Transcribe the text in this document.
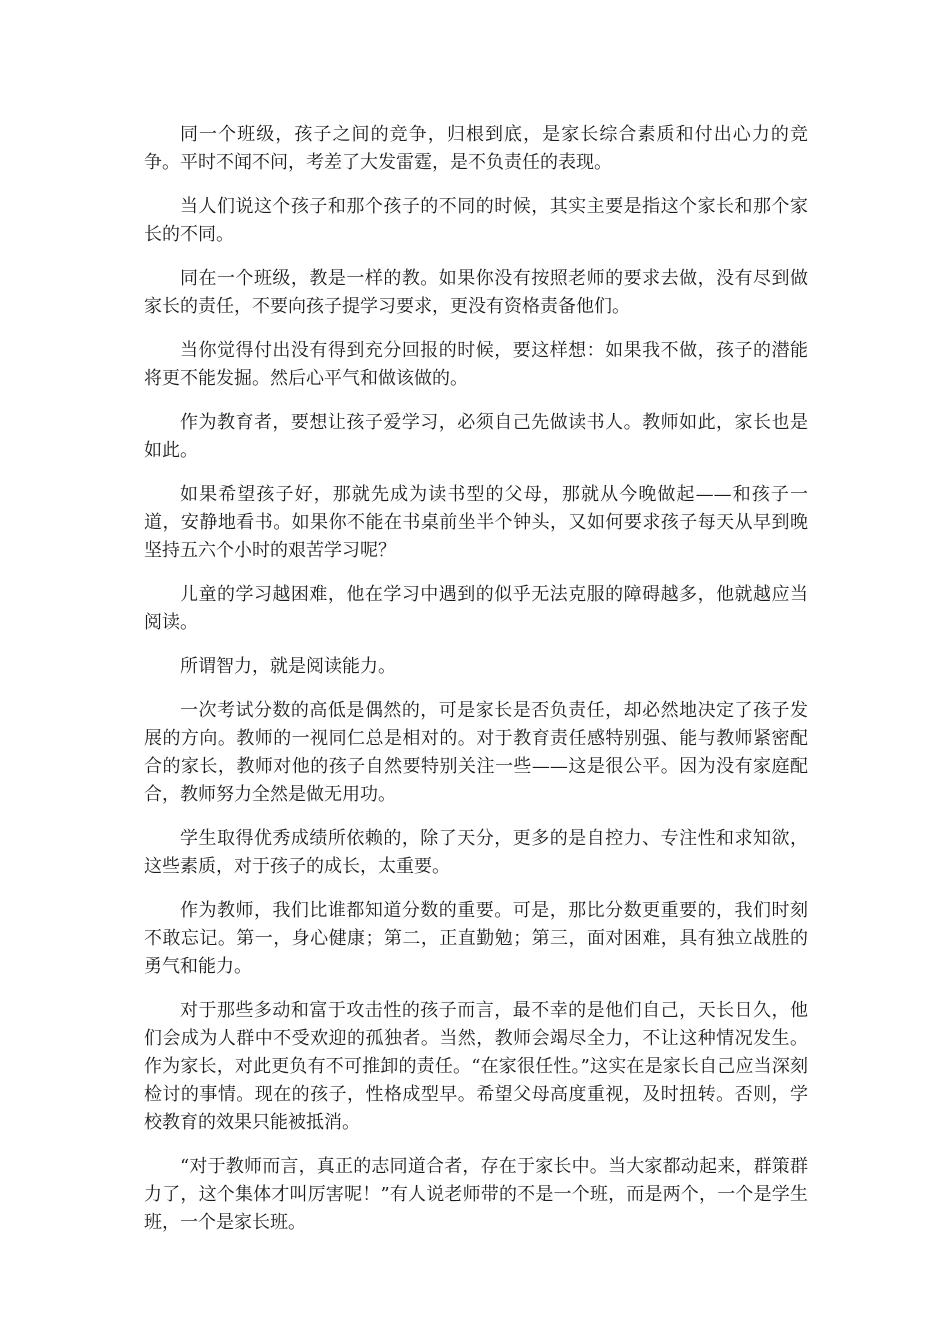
同一个班级，孩子之间的竞争，归根到底，是家长综合素质和付出心力的竞争。平时不闻不问，考差了大发雷霆，是不负责任的表现。

当人们说这个孩子和那个孩子的不同的时候，其实主要是指这个家长和那个家长的不同。

同在一个班级，教是一样的教。如果你没有按照老师的要求去做，没有尽到做家长的责任，不要向孩子提学习要求，更没有资格责备他们。

当你觉得付出没有得到充分回报的时候，要这样想：如果我不做，孩子的潜能将更不能发掘。然后心平气和做该做的。

作为教育者，要想让孩子爱学习，必须自己先做读书人。教师如此，家长也是如此。

如果希望孩子好，那就先成为读书型的父母，那就从今晚做起——和孩子一道，安静地看书。如果你不能在书桌前坐半个钟头，又如何要求孩子每天从早到晚坚持五六个小时的艰苦学习呢？

儿童的学习越困难，他在学习中遇到的似乎无法克服的障碍越多，他就越应当阅读。

所谓智力，就是阅读能力。

一次考试分数的高低是偶然的，可是家长是否负责任，却必然地决定了孩子发展的方向。教师的一视同仁总是相对的。对于教育责任感特别强、能与教师紧密配合的家长，教师对他的孩子自然要特别关注一些——这是很公平。因为没有家庭配合，教师努力全然是做无用功。

学生取得优秀成绩所依赖的，除了天分，更多的是自控力、专注性和求知欲，这些素质，对于孩子的成长，太重要。

作为教师，我们比谁都知道分数的重要。可是，那比分数更重要的，我们时刻不敢忘记。第一，身心健康；第二，正直勤勉；第三，面对困难，具有独立战胜的勇气和能力。

对于那些多动和富于攻击性的孩子而言，最不幸的是他们自己，天长日久，他们会成为人群中不受欢迎的孤独者。当然，教师会竭尽全力，不让这种情况发生。作为家长，对此更负有不可推卸的责任。“在家很任性。”这实在是家长自己应当深刻检讨的事情。现在的孩子，性格成型早。希望父母高度重视，及时扭转。否则，学校教育的效果只能被抵消。

“对于教师而言，真正的志同道合者，存在于家长中。当大家都动起来，群策群力了，这个集体才叫厉害呢！”有人说老师带的不是一个班，而是两个，一个是学生班，一个是家长班。
